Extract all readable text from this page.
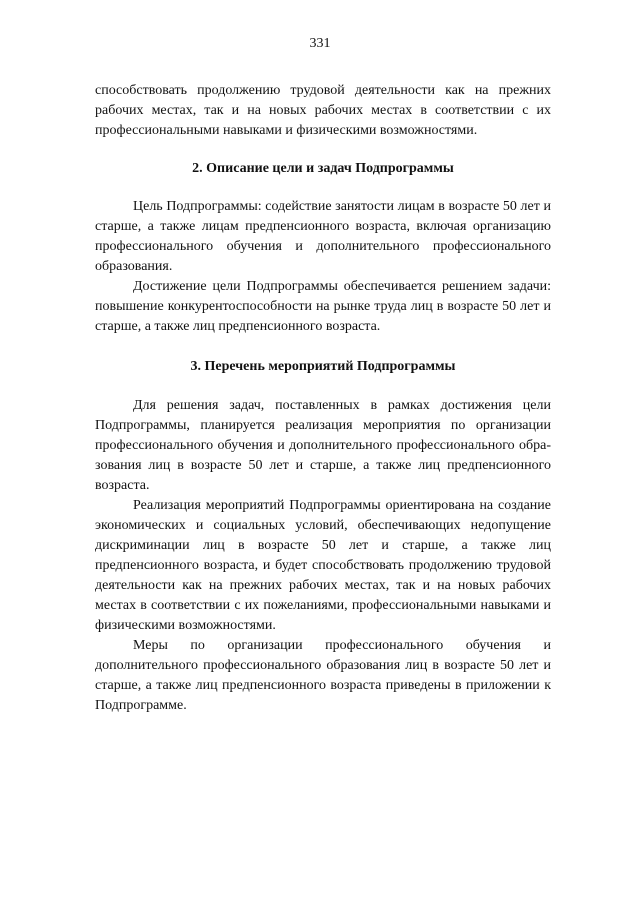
331

способствовать продолжению трудовой деятельности как на прежних рабочих местах, так и на новых рабочих местах в соответствии с их профессиональными навыками и физическими возможностями.

2. Описание цели и задач Подпрограммы

Цель Подпрограммы: содействие занятости лицам в возрасте 50 лет и старше, а также лицам предпенсионного возраста, включая организацию профессионального обучения и дополнительного профессионального образования.

Достижение цели Подпрограммы обеспечивается решением задачи: повышение конкурентоспособности на рынке труда лиц в возрасте 50 лет и старше, а также лиц предпенсионного возраста.

3. Перечень мероприятий Подпрограммы

Для решения задач, поставленных в рамках достижения цели Подпрограммы, планируется реализация мероприятия по организации профессионального обучения и дополнительного профессионального образования лиц в возрасте 50 лет и старше, а также лиц предпенсионного возраста.

Реализация мероприятий Подпрограммы ориентирована на создание экономических и социальных условий, обеспечивающих недопущение дискриминации лиц в возрасте 50 лет и старше, а также лиц предпенсионного возраста, и будет способствовать продолжению трудовой деятельности как на прежних рабочих местах, так и на новых рабочих местах в соответствии с их пожеланиями, профессиональными навыками и физическими возможностями.

Меры по организации профессионального обучения и дополнительного профессионального образования лиц в возрасте 50 лет и старше, а также лиц предпенсионного возраста приведены в приложении к Подпрограмме.
